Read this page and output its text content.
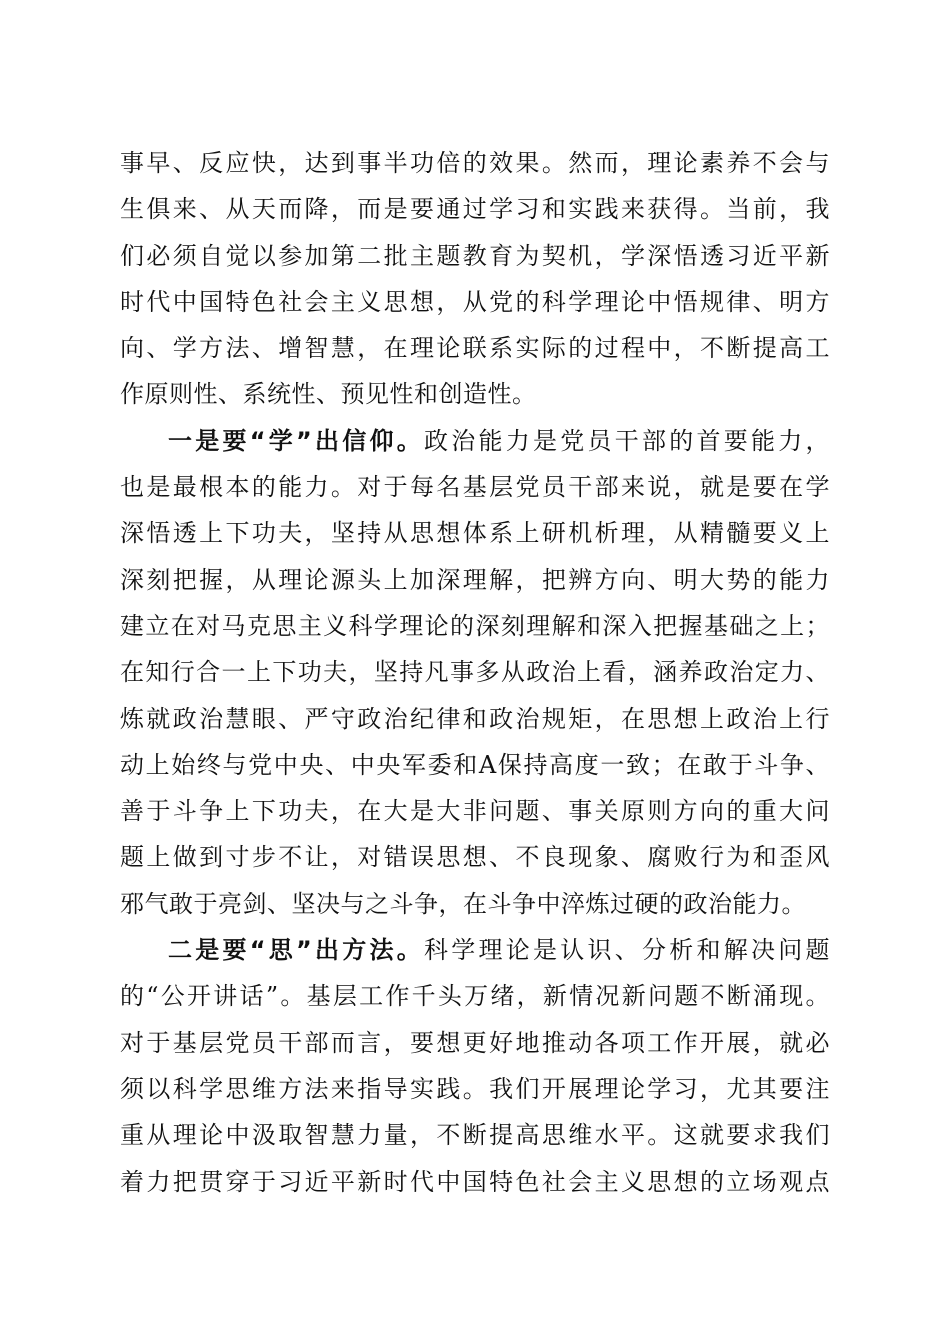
事早、反应快，达到事半功倍的效果。然而，理论素养不会与
生俱来、从天而降，而是要通过学习和实践来获得。当前，我
们必须自觉以参加第二批主题教育为契机，学深悟透习近平新
时代中国特色社会主义思想，从党的科学理论中悟规律、明方
向、学方法、增智慧，在理论联系实际的过程中，不断提高工
作原则性、系统性、预见性和创造性。
一是要“学”出信仰。政治能力是党员干部的首要能力，
也是最根本的能力。对于每名基层党员干部来说，就是要在学
深悟透上下功夫，坚持从思想体系上研机析理，从精髓要义上
深刻把握，从理论源头上加深理解，把辨方向、明大势的能力
建立在对马克思主义科学理论的深刻理解和深入把握基础之上；
在知行合一上下功夫，坚持凡事多从政治上看，涵养政治定力、
炼就政治慧眼、严守政治纪律和政治规矩，在思想上政治上行
动上始终与党中央、中央军委和A保持高度一致；在敢于斗争、
善于斗争上下功夫，在大是大非问题、事关原则方向的重大问
题上做到寸步不让，对错误思想、不良现象、腐败行为和歪风
邪气敢于亮剑、坚决与之斗争，在斗争中淬炼过硬的政治能力。
二是要“思”出方法。科学理论是认识、分析和解决问题
的“公开讲话”。基层工作千头万绪，新情况新问题不断涌现。
对于基层党员干部而言，要想更好地推动各项工作开展，就必
须以科学思维方法来指导实践。我们开展理论学习，尤其要注
重从理论中汲取智慧力量，不断提高思维水平。这就要求我们
着力把贯穿于习近平新时代中国特色社会主义思想的立场观点
